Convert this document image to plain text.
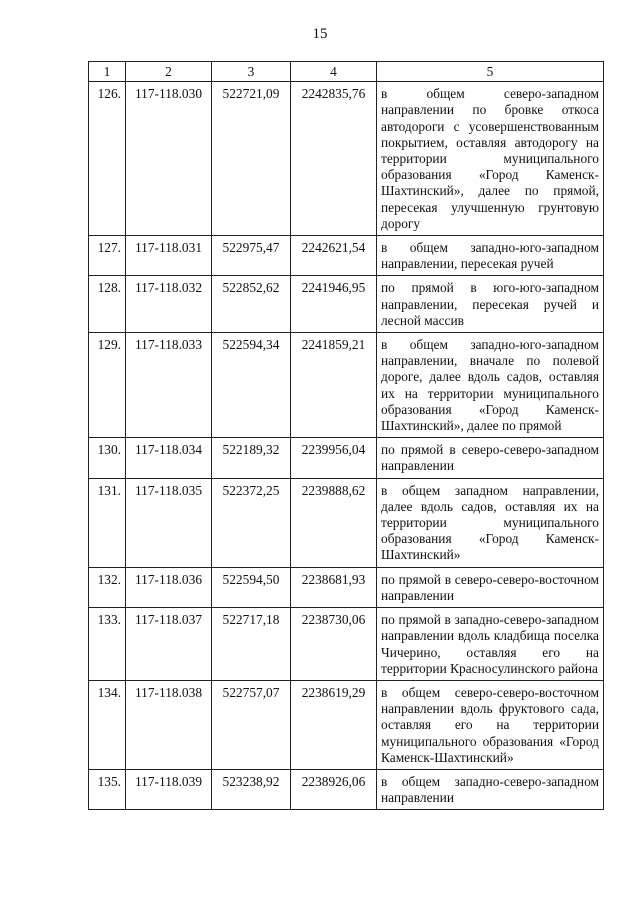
15
1	2	3	4	5
126.	117-118.030	522721,09	2242835,76	в общем северо-западном направлении по бровке откоса автодороги с усовершенствованным покрытием, оставляя автодорогу на территории муниципального образования «Город Каменск-Шахтинский», далее по прямой, пересекая улучшенную грунтовую дорогу
127.	117-118.031	522975,47	2242621,54	в общем западно-юго-западном направлении, пересекая ручей
128.	117-118.032	522852,62	2241946,95	по прямой в юго-юго-западном направлении, пересекая ручей и лесной массив
129.	117-118.033	522594,34	2241859,21	в общем западно-юго-западном направлении, вначале по полевой дороге, далее вдоль садов, оставляя их на территории муниципального образования «Город Каменск-Шахтинский», далее по прямой
130.	117-118.034	522189,32	2239956,04	по прямой в северо-северо-западном направлении
131.	117-118.035	522372,25	2239888,62	в общем западном направлении, далее вдоль садов, оставляя их на территории муниципального образования «Город Каменск-Шахтинский»
132.	117-118.036	522594,50	2238681,93	по прямой в северо-северо-восточном направлении
133.	117-118.037	522717,18	2238730,06	по прямой в западно-северо-западном направлении вдоль кладбища поселка Чичерино, оставляя его на территории Красносулинского района
134.	117-118.038	522757,07	2238619,29	в общем северо-северо-восточном направлении вдоль фруктового сада, оставляя его на территории муниципального образования «Город Каменск-Шахтинский»
135.	117-118.039	523238,92	2238926,06	в общем западно-северо-западном направлении
